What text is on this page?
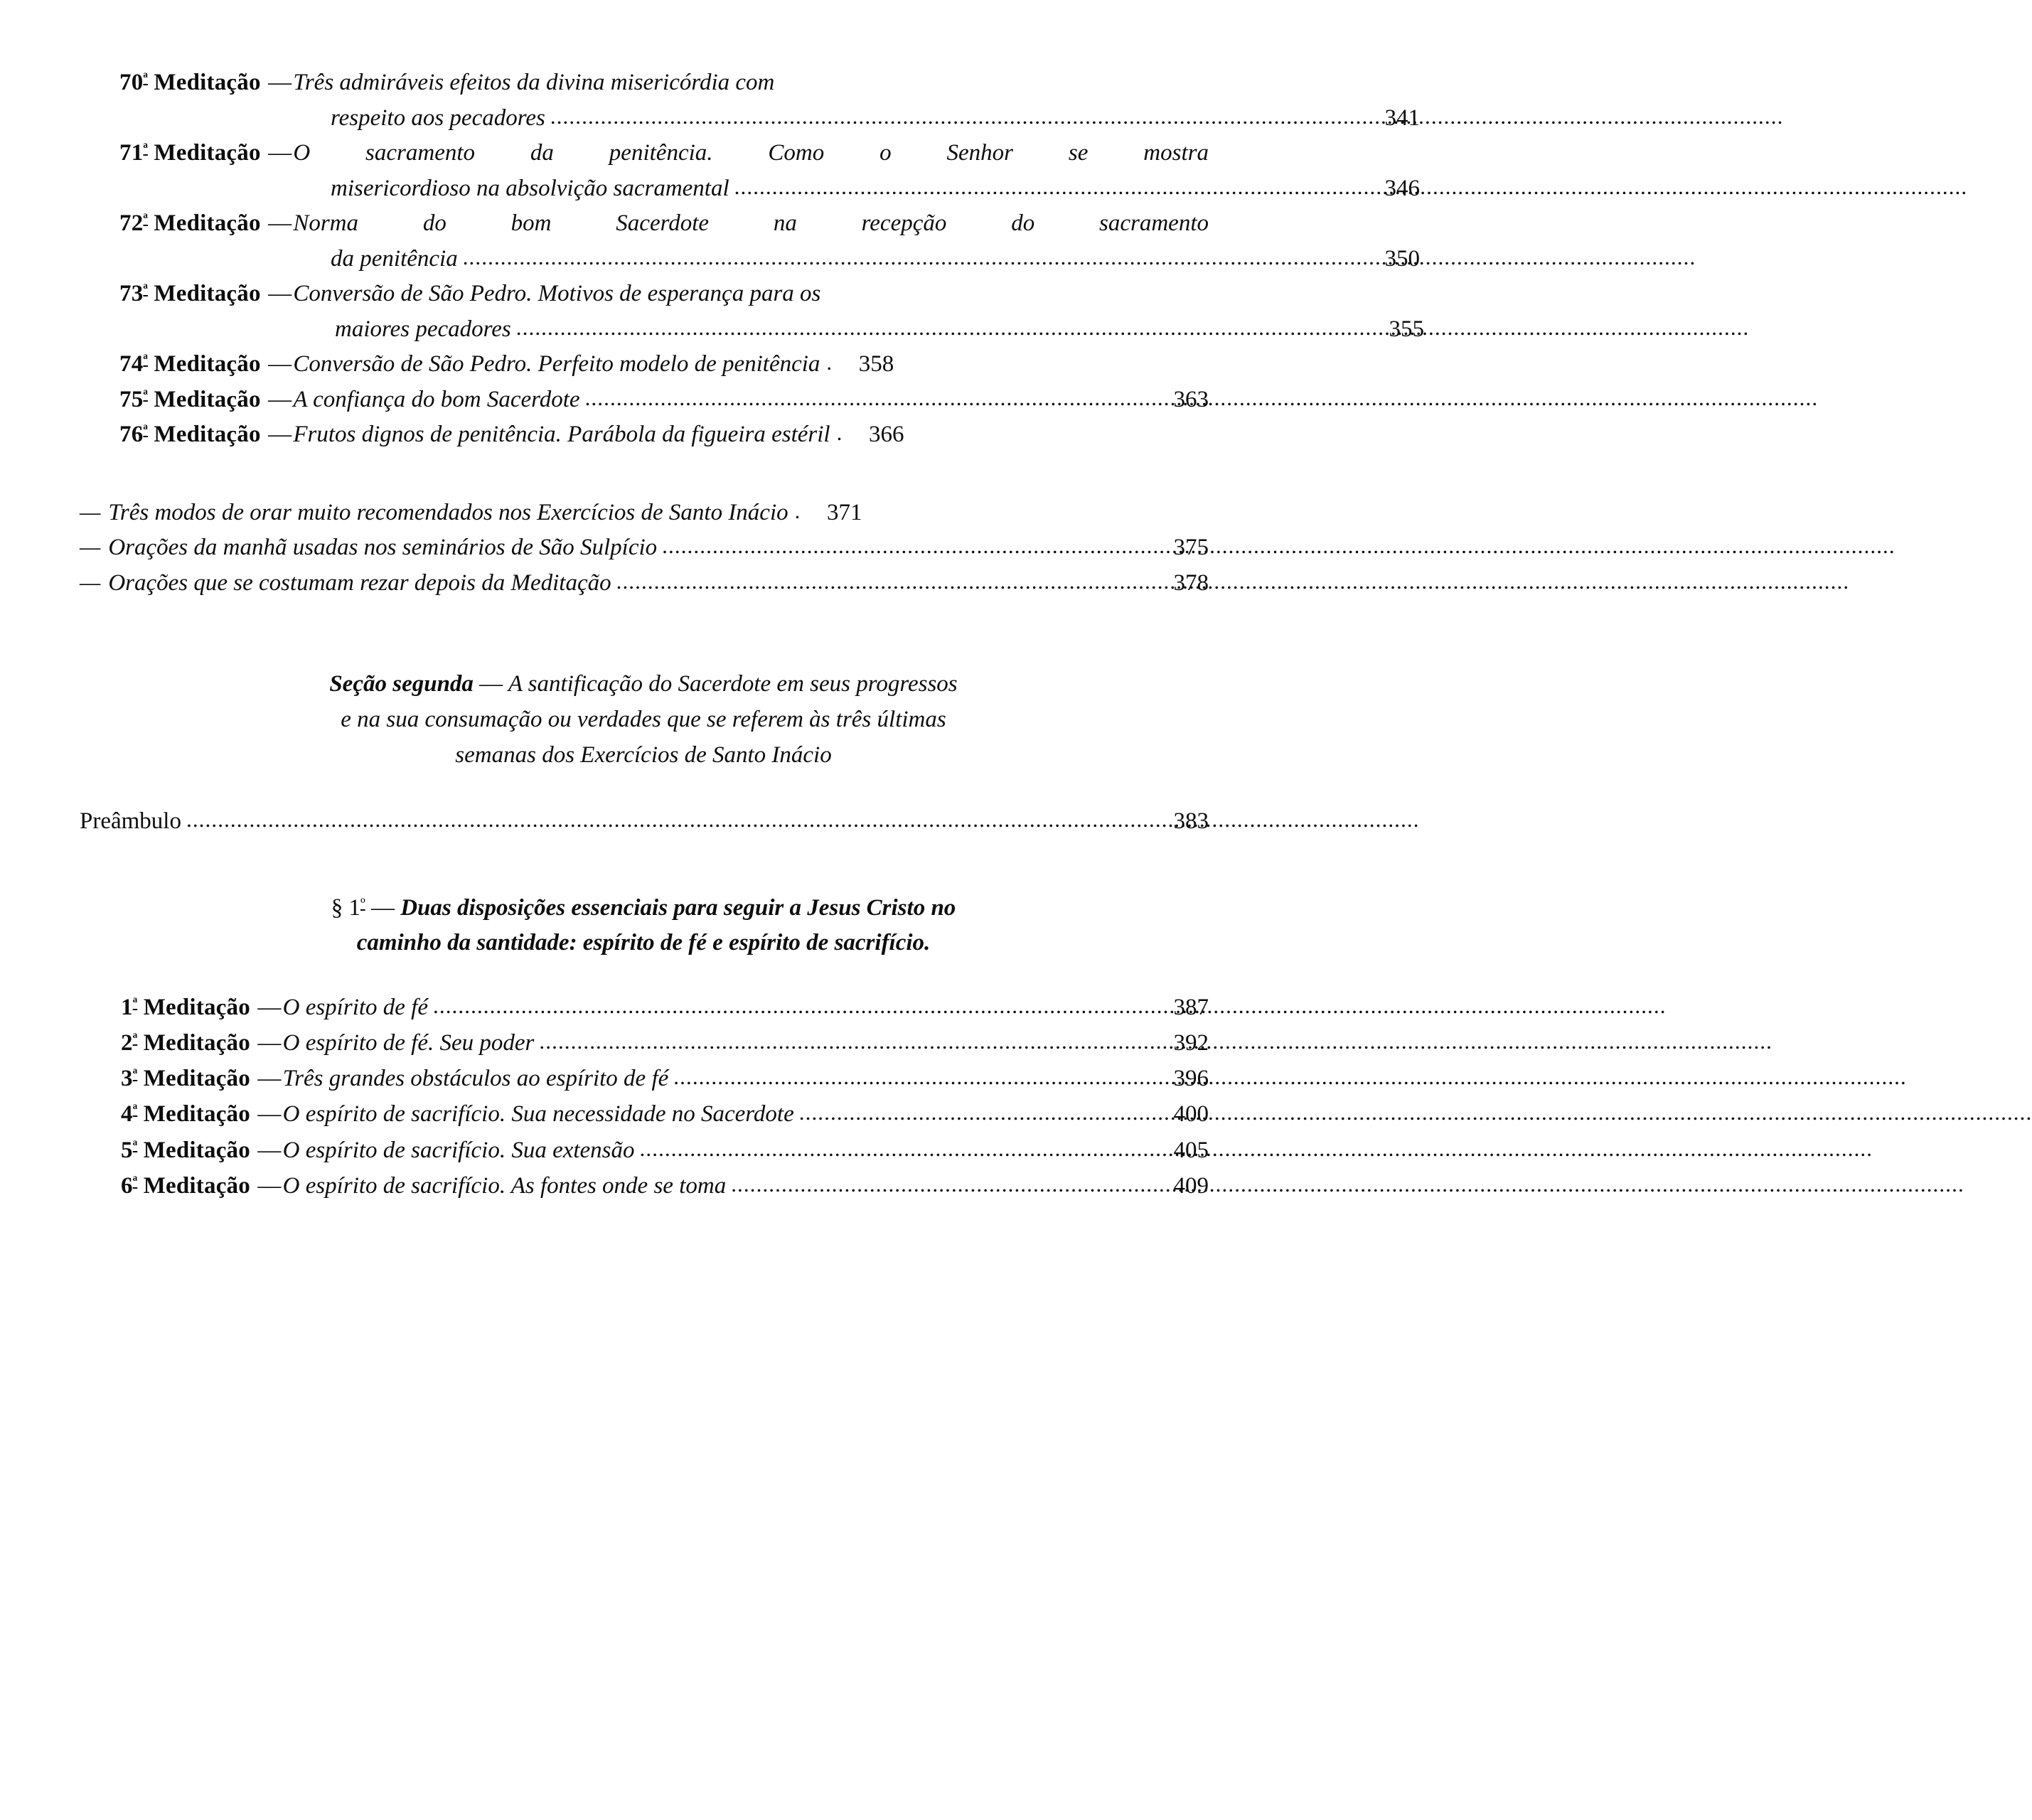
$70^ª$ Meditação — Três admiráveis efeitos da divina misericórdia com
respeito aos pecadores .....	341
$71^ª$ Meditação — O sacramento da penitência. Como o Senhor se mostra
misericordioso na absolvição sacramental .....	346
$72^ª$ Meditação — Norma do bom Sacerdote na recepção do sacramento
da penitência .....	350
$73^ª$ Meditação — Conversão de São Pedro. Motivos de esperança para os
maiores pecadores .....	355
$74^ª$ Meditação — Conversão de São Pedro. Perfeito modelo de penitência .	358
$75^ª$ Meditação — A confiança do bom Sacerdote .....	363
$76^ª$ Meditação — Frutos dignos de penitência. Parábola da figueira estéril .	366
— Três modos de orar muito recomendados nos Exercícios de Santo Inácio .	371
— Orações da manhã usadas nos seminários de São Sulpício .....	375
— Orações que se costumam rezar depois da Meditação .....	378
Seção segunda — A santificação do Sacerdote em seus progressos
e na sua consumação ou verdades que se referem às três últimas
semanas dos Exercícios de Santo Inácio
Preâmbulo .....	383
§ $1^º$ — Duas disposições essenciais para seguir a Jesus Cristo no
caminho da santidade: espírito de fé e espírito de sacrifício.
$1^ª$ Meditação — O espírito de fé .....	387
$2^ª$ Meditação — O espírito de fé. Seu poder .....	392
$3^ª$ Meditação — Três grandes obstáculos ao espírito de fé .....	396
$4^ª$ Meditação — O espírito de sacrifício. Sua necessidade no Sacerdote .....	400
$5^ª$ Meditação — O espírito de sacrifício. Sua extensão .....	405
$6^ª$ Meditação — O espírito de sacrifício. As fontes onde se toma .....	409
